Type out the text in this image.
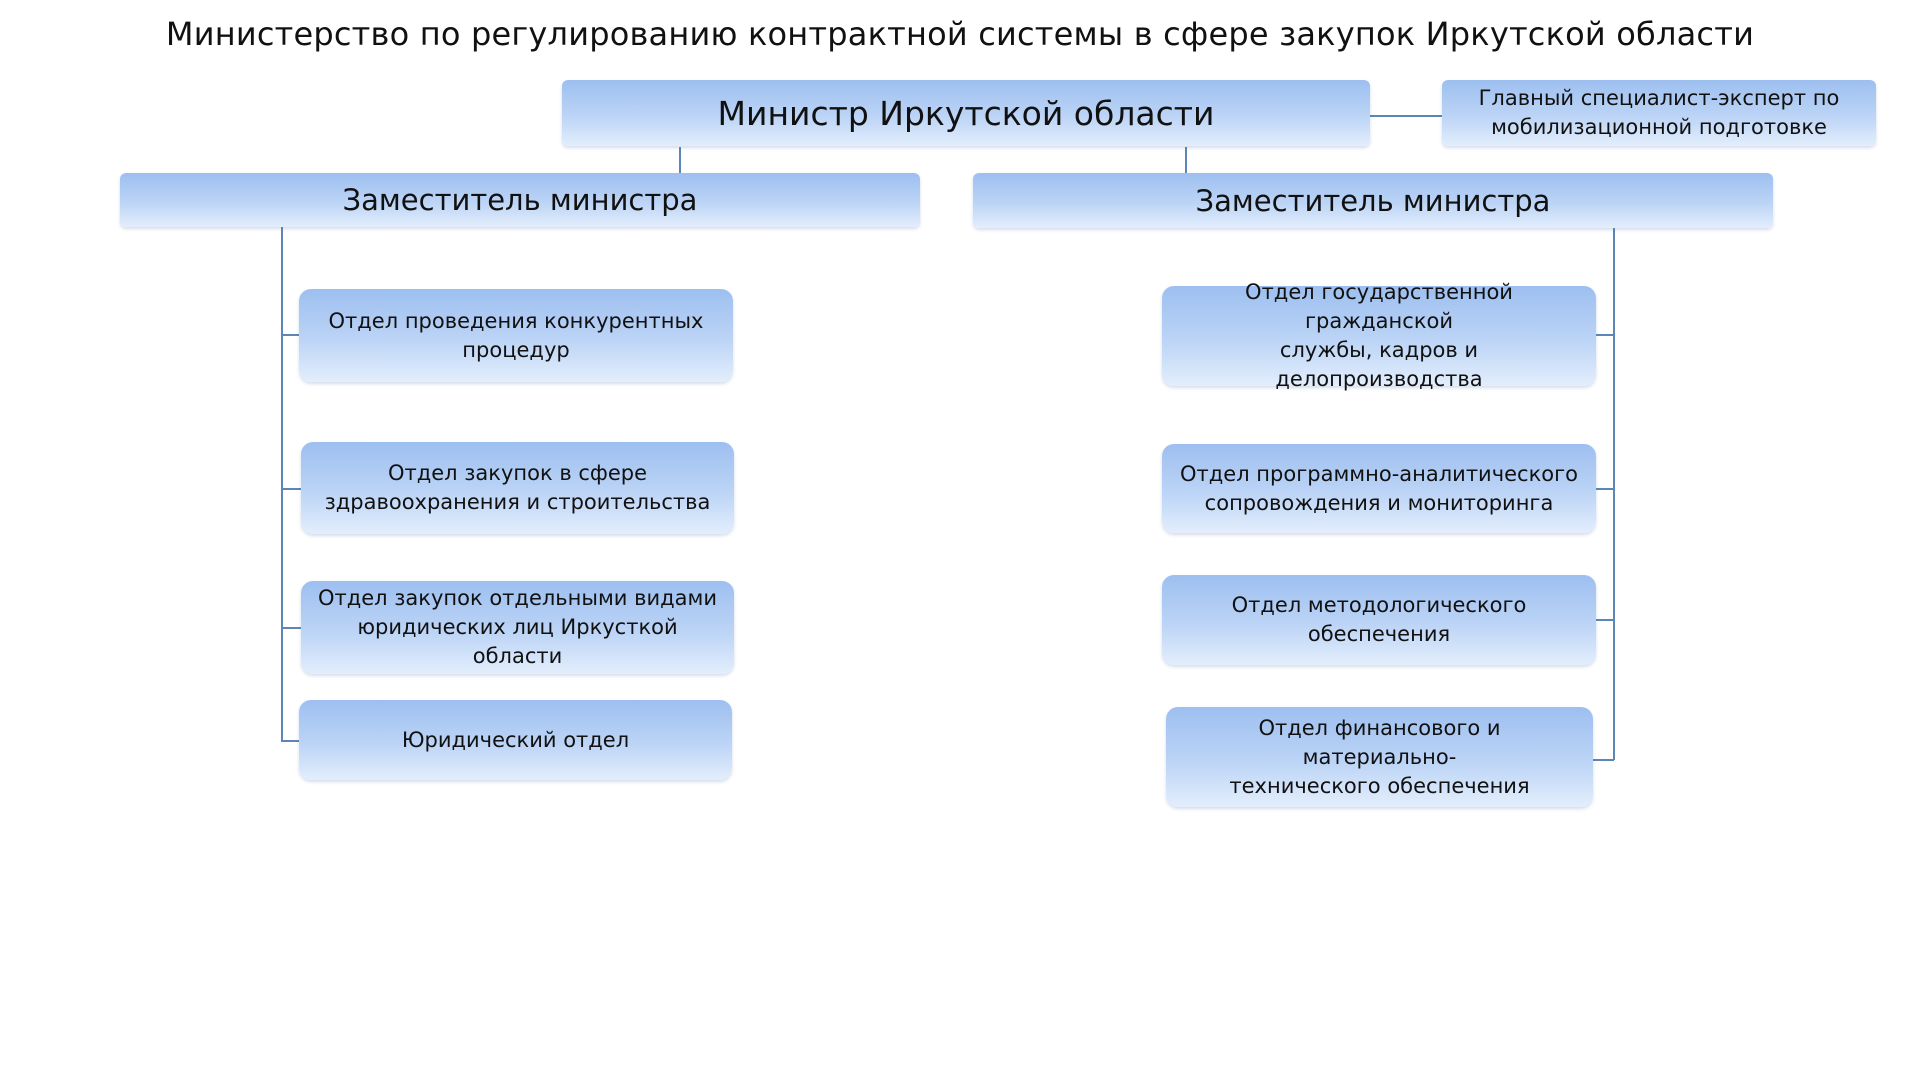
Министерство по регулированию контрактной системы в сфере закупок Иркутской области
Министр Иркутской области	Главный специалист-эксперт по
мобилизационной подготовке
Заместитель министра	Заместитель министра
Отдел проведения конкурентных
процедур
Отдел закупок в сфере
здравоохранения и строительства
Отдел закупок отдельными видами
юридических лиц Иркусткой области
Юридический отдел
Отдел государственной гражданской
службы, кадров и делопроизводства
Отдел программно-аналитического
сопровождения и мониторинга
Отдел методологического
обеспечения
Отдел финансового и материально-
технического обеспечения
